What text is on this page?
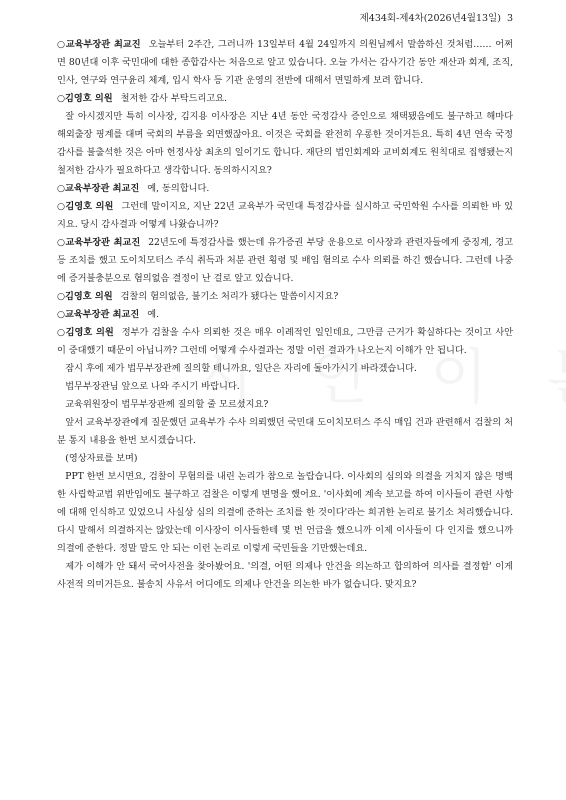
제434회-제4차(2026년4월13일) 3

○교육부장관 최교진 오늘부터 2주간, 그러니까 13일부터 4월 24일까지 의원님께서 말씀하신 것처럼…… 어쩌면 80년대 이후 국민대에 대한 종합감사는 처음으로 알고 있습니다. 오늘 가서는 감사기간 동안 재산과 회계, 조직, 인사, 연구와 연구윤리 체계, 입시 학사 등 기관 운영의 전반에 대해서 면밀하게 보려 합니다.

○김영호 의원 철저한 감사 부탁드리고요.

잘 아시겠지만 특히 이사장, 김지용 이사장은 지난 4년 동안 국정감사 증인으로 채택됐음에도 불구하고 해마다 해외출장 핑계를 대며 국회의 부름을 외면했잖아요. 이것은 국회를 완전히 우롱한 것이거든요. 특히 4년 연속 국정감사를 불출석한 것은 아마 헌정사상 최초의 일이기도 합니다. 재단의 법인회계와 교비회계도 원칙대로 집행됐는지 철저한 감사가 필요하다고 생각합니다. 동의하시지요?

○교육부장관 최교진 예, 동의합니다.

○김영호 의원 그런데 말이지요, 지난 22년 교육부가 국민대 특정감사를 실시하고 국민학원 수사를 의뢰한 바 있지요. 당시 감사결과 어떻게 나왔습니까?

○교육부장관 최교진 22년도에 특정감사를 했는데 유가증권 부당 운용으로 이사장과 관련자들에게 중징계, 경고 등 조치를 했고 도이치모터스 주식 취득과 처분 관련 횡령 및 배임 혐의로 수사 의뢰를 하긴 했습니다. 그런데 나중에 증거불충분으로 혐의없음 결정이 난 걸로 알고 있습니다.

○김영호 의원 검찰의 혐의없음, 불기소 처리가 됐다는 말씀이시지요?

○교육부장관 최교진 예.

○김영호 의원 정부가 검찰을 수사 의뢰한 것은 매우 이례적인 일인데요, 그만큼 근거가 확실하다는 것이고 사안이 중대했기 때문이 아닙니까? 그런데 어떻게 수사결과는 정말 이런 결과가 나오는지 이해가 안 됩니다.

잠시 후에 제가 법무부장관께 질의할 테니까요, 일단은 자리에 돌아가시기 바라겠습니다.

법무부장관님 앞으로 나와 주시기 바랍니다.

교육위원장이 법무부장관께 질의할 줄 모르셨지요?

앞서 교육부장관에게 질문했던 교육부가 수사 의뢰했던 국민대 도이치모터스 주식 매입 건과 관련해서 검찰의 처분 통지 내용을 한번 보시겠습니다.

(영상자료를 보며)

PPT 한번 보시면요, 검찰이 무혐의를 내린 논리가 참으로 놀랍습니다. 이사회의 심의와 의결을 거치지 않은 명백한 사립학교법 위반임에도 불구하고 검찰은 이렇게 변명을 했어요. '이사회에 계속 보고를 하여 이사들이 관련 사항에 대해 인식하고 있었으니 사실상 심의 의결에 준하는 조치를 한 것이다'라는 희귀한 논리로 불기소 처리했습니다. 다시 말해서 의결하지는 않았는데 이사장이 이사들한테 몇 번 언급을 했으니까 이제 이사들이 다 인지를 했으니까 의결에 준한다. 정말 말도 안 되는 이런 논리로 이렇게 국민들을 기만했는데요.

제가 이해가 안 돼서 국어사전을 찾아봤어요. '의결, 어떤 의제나 안건을 의논하고 합의하여 의사를 결정함' 이게 사전적 의미거든요. 불송치 사유서 어디에도 의제나 안건을 의논한 바가 없습니다. 맞지요?
